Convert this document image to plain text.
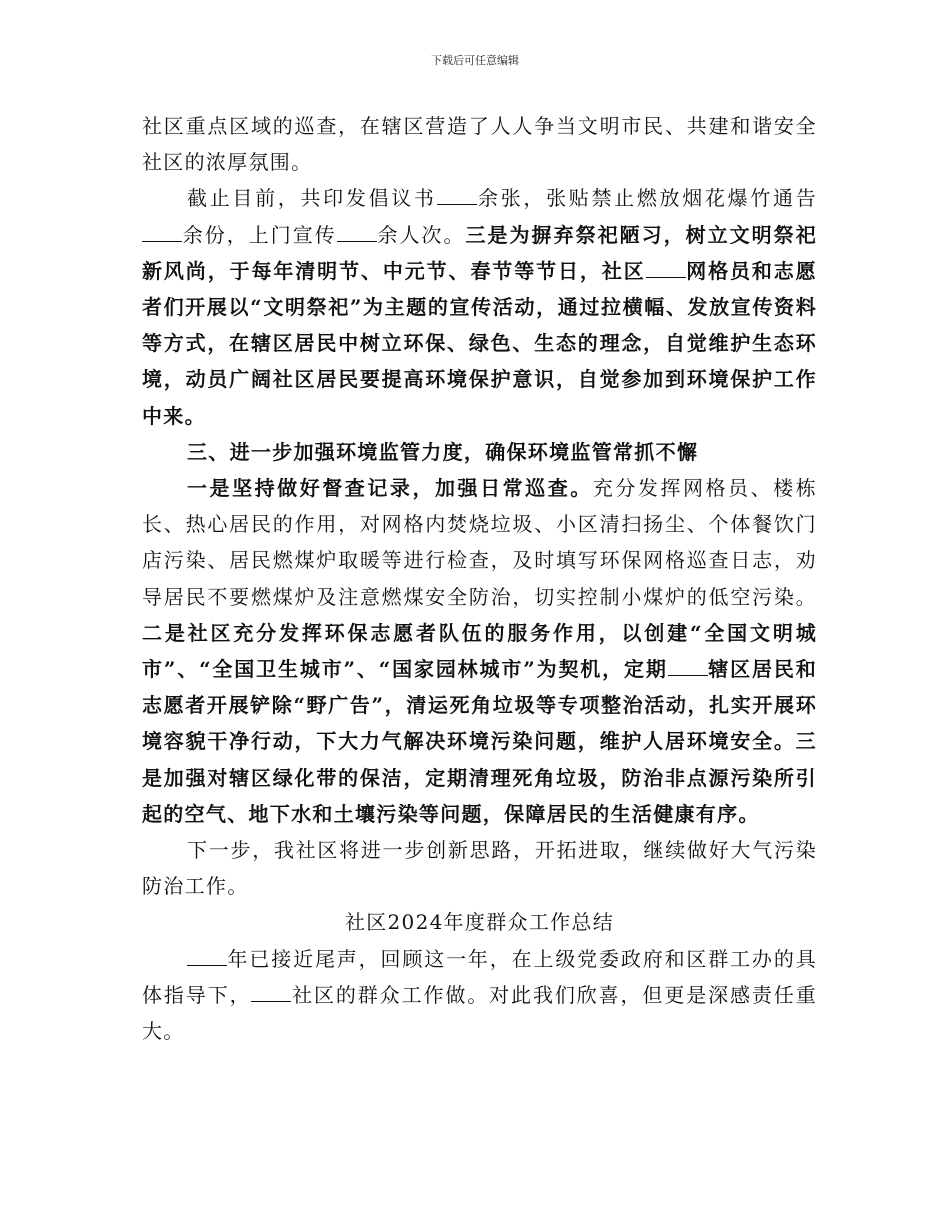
下载后可任意编辑

社区重点区域的巡查，在辖区营造了人人争当文明市民、共建和谐安全社区的浓厚氛围。

截止目前，共印发倡议书 余张，张贴禁止燃放烟花爆竹通告余份，上门宣传 余人次。三是为摒弃祭祀陋习，树立文明祭祀新风尚，于每年清明节、中元节、春节等节日，社区 网格员和志愿者们开展以“文明祭祀”为主题的宣传活动，通过拉横幅、发放宣传资料等方式，在辖区居民中树立环保、绿色、生态的理念，自觉维护生态环境，动员广阔社区居民要提高环境保护意识，自觉参加到环境保护工作中来。

三、进一步加强环境监管力度，确保环境监管常抓不懈

一是坚持做好督查记录，加强日常巡查。充分发挥网格员、楼栋长、热心居民的作用，对网格内焚烧垃圾、小区清扫扬尘、个体餐饮门店污染、居民燃煤炉取暖等进行检查，及时填写环保网格巡查日志，劝导居民不要燃煤炉及注意燃煤安全防治，切实控制小煤炉的低空污染。二是社区充分发挥环保志愿者队伍的服务作用，以创建“全国文明城市”、“全国卫生城市”、“国家园林城市”为契机，定期 辖区居民和志愿者开展铲除“野广告”，清运死角垃圾等专项整治活动，扎实开展环境容貌干净行动，下大力气解决环境污染问题，维护人居环境安全。三是加强对辖区绿化带的保洁，定期清理死角垃圾，防治非点源污染所引起的空气、地下水和土壤污染等问题，保障居民的生活健康有序。

下一步，我社区将进一步创新思路，开拓进取，继续做好大气污染防治工作。

社区2024年度群众工作总结

年已接近尾声，回顾这一年，在上级党委政府和区群工办的具体指导下， 社区的群众工作做。对此我们欣喜，但更是深感责任重大。
